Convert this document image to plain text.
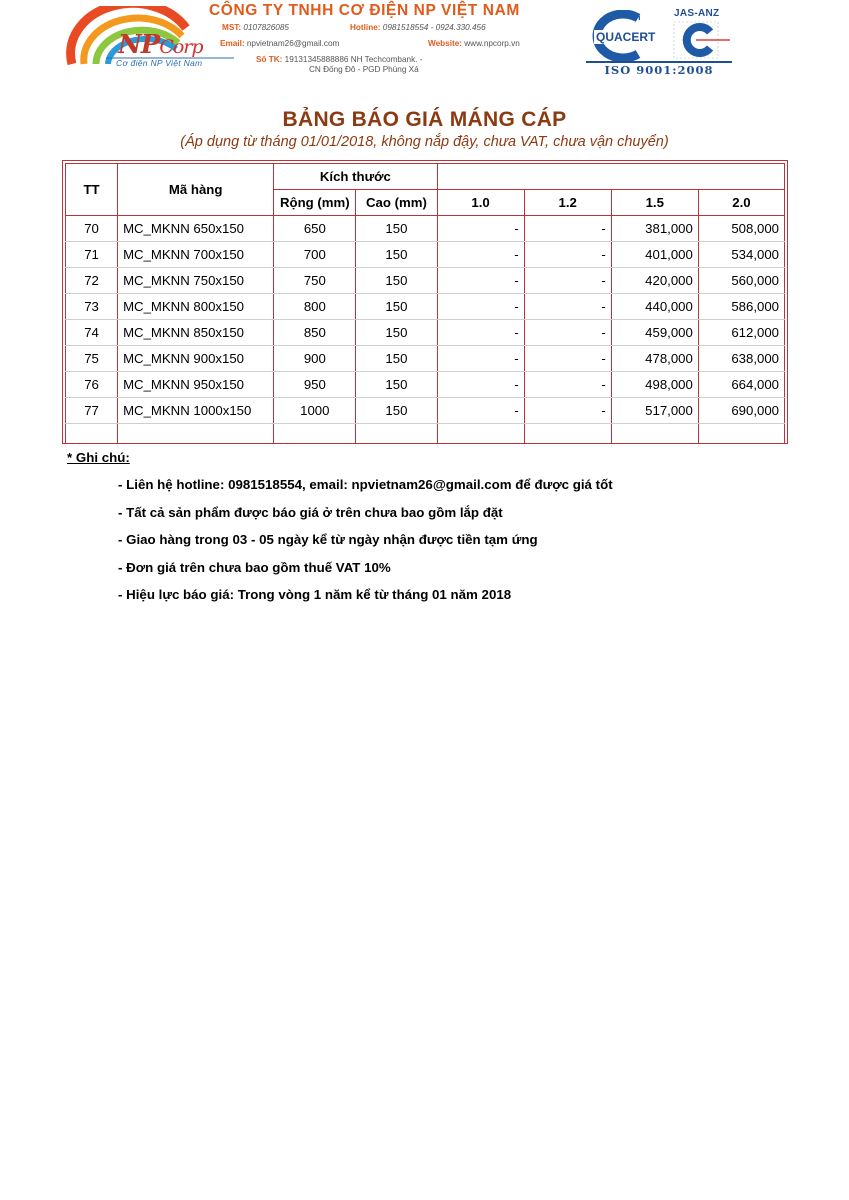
NPCorp
Cơ điện NP Việt Nam
CÔNG TY TNHH CƠ ĐIỆN NP VIỆT NAM
MST: 0107826085	Hotline: 0981518554 - 0924.330.456
Email: npvietnam26@gmail.com	Website: www.npcorp.vn
Số TK: 19131345888886 NH Techcombank. -
CN Đống Đô - PGD Phùng Xá
vn
QUACERT
JAS-ANZ
ISO 9001:2008
BẢNG BÁO GIÁ MÁNG CÁP
(Áp dụng từ tháng 01/01/2018, không nắp đậy, chưa VAT, chưa vận chuyển)
TT	Mã hàng	Kích thước					
		Rộng (mm)	Cao (mm)	1.0	1.2	1.5	2.0
70	MC_MKNN 650x150	650	150	-	-	381,000	508,000
71	MC_MKNN 700x150	700	150	-	-	401,000	534,000
72	MC_MKNN 750x150	750	150	-	-	420,000	560,000
73	MC_MKNN 800x150	800	150	-	-	440,000	586,000
74	MC_MKNN 850x150	850	150	-	-	459,000	612,000
75	MC_MKNN 900x150	900	150	-	-	478,000	638,000
76	MC_MKNN 950x150	950	150	-	-	498,000	664,000
77	MC_MKNN 1000x150	1000	150	-	-	517,000	690,000

* Ghi chú:
- Liên hệ hotline: 0981518554, email: npvietnam26@gmail.com để được giá tốt
- Tất cả sản phẩm được báo giá ở trên chưa bao gồm lắp đặt
- Giao hàng trong 03 - 05 ngày kể từ ngày nhận được tiền tạm ứng
- Đơn giá trên chưa bao gồm thuế VAT 10%
- Hiệu lực báo giá: Trong vòng 1 năm kể từ tháng 01 năm 2018
